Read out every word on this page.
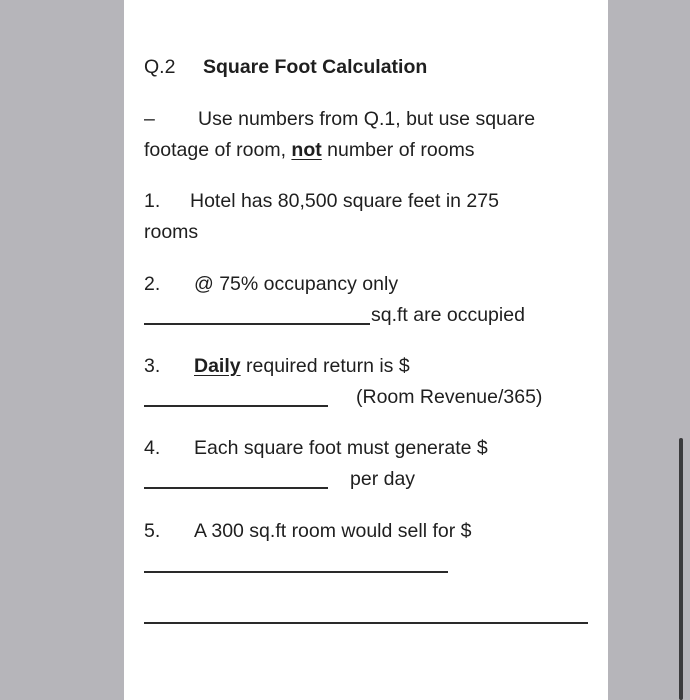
Q.2 Square Foot Calculation
– Use numbers from Q.1, but use square
footage of room, not number of rooms
1. Hotel has 80,500 square feet in 275
rooms
2. @ 75% occupancy only
sq.ft are occupied
3. Daily required return is $
(Room Revenue/365)
4. Each square foot must generate $
per day
5. A 300 sq.ft room would sell for $
